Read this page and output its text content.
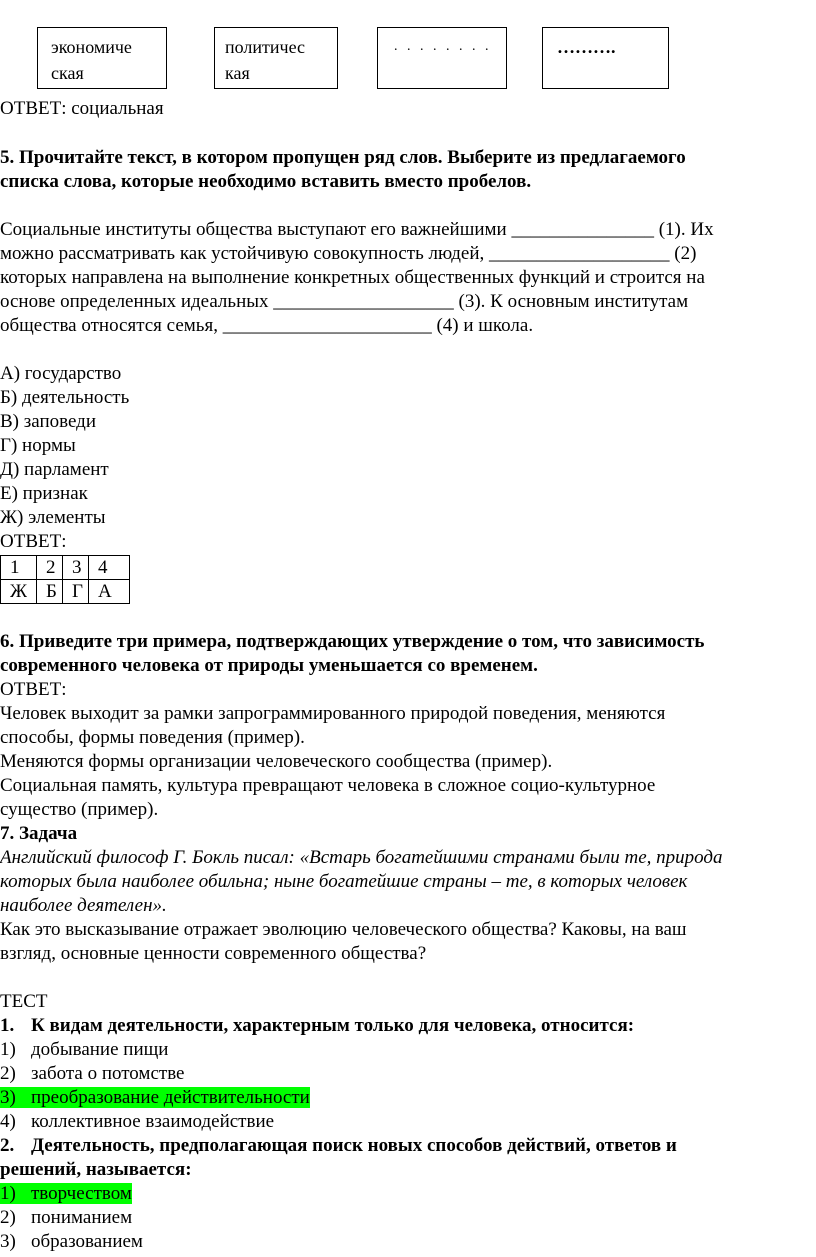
экономиче
ская
политичес
кая
. . . . . . . .	……….
ОТВЕТ: социальная
5. Прочитайте текст, в котором пропущен ряд слов. Выберите из предлагаемого
списка слова, которые необходимо вставить вместо пробелов.
Социальные институты общества выступают его важнейшими _______________ (1). Их
можно рассматривать как устойчивую совокупность людей, ___________________ (2)
которых направлена на выполнение конкретных общественных функций и строится на
основе определенных идеальных ___________________ (3). К основным институтам
общества относятся семья, ______________________ (4) и школа.
А) государство
Б) деятельность
В) заповеди
Г) нормы
Д) парламент
Е) признак
Ж) элементы
ОТВЕТ:
1	2	3	4
Ж	Б	Г	А
6. Приведите три примера, подтверждающих утверждение о том, что зависимость
современного человека от природы уменьшается со временем.
ОТВЕТ:
Человек выходит за рамки запрограммированного природой поведения, меняются
способы, формы поведения (пример).
Меняются формы организации человеческого сообщества (пример).
Социальная память, культура превращают человека в сложное социо-культурное
существо (пример).
7. Задача
Английский философ Г. Бокль писал: «Встарь богатейшими странами были те, природа
которых была наиболее обильна; ныне богатейшие страны – те, в которых человек
наиболее деятелен».
Как это высказывание отражает эволюцию человеческого общества? Каковы, на ваш
взгляд, основные ценности современного общества?
ТЕСТ
1. К видам деятельности, характерным только для человека, относится:
1) добывание пищи
2) забота о потомстве
3) преобразование действительности
4) коллективное взаимодействие
2. Деятельность, предполагающая поиск новых способов действий, ответов и
решений, называется:
1) творчеством
2) пониманием
3) образованием
